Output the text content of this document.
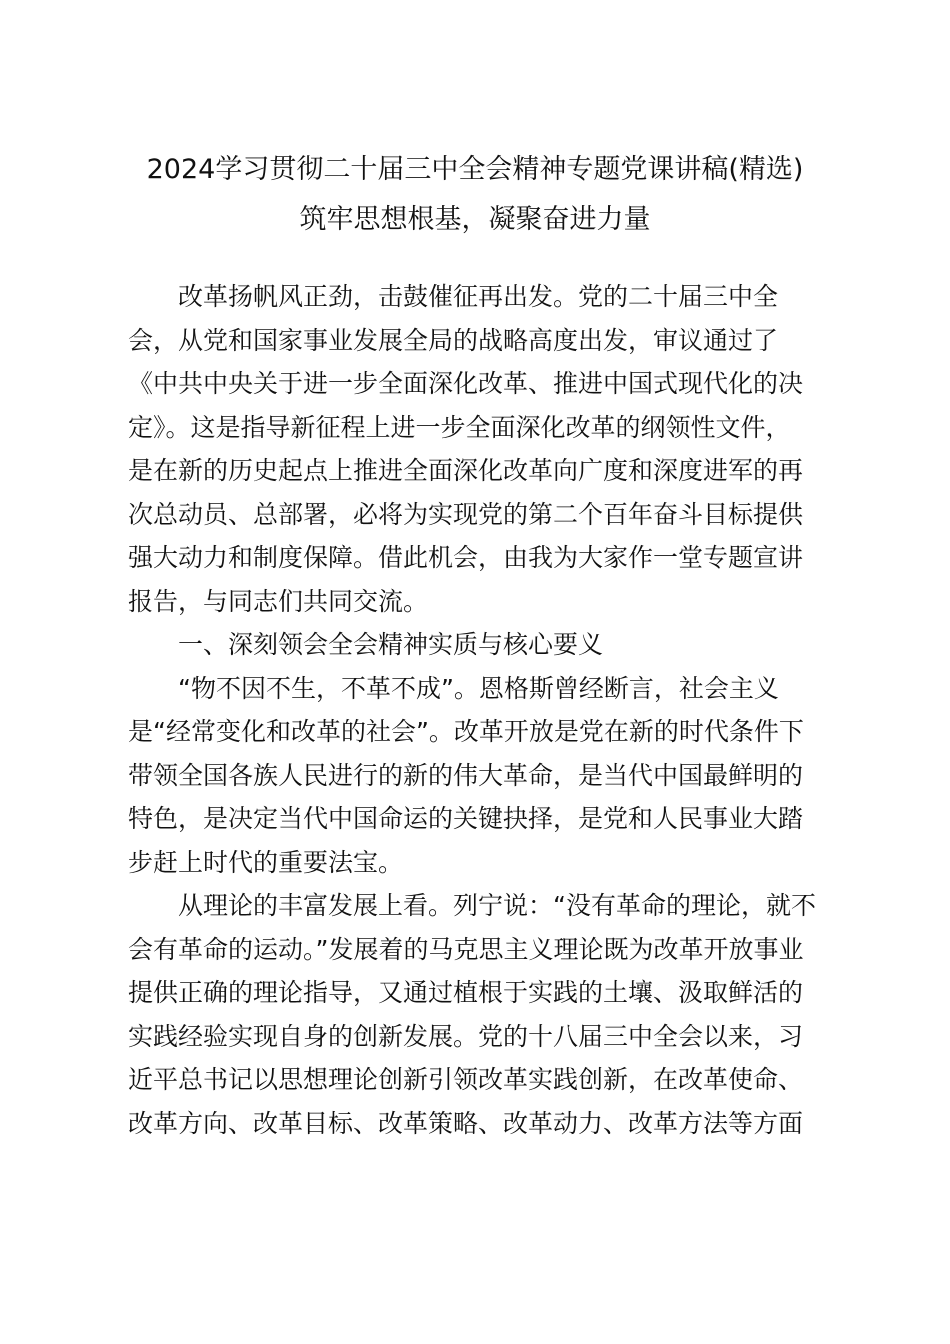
2024学习贯彻二十届三中全会精神专题党课讲稿(精选)
筑牢思想根基，凝聚奋进力量
改革扬帆风正劲，击鼓催征再出发。党的二十届三中全
会，从党和国家事业发展全局的战略高度出发，审议通过了
《中共中央关于进一步全面深化改革、推进中国式现代化的决
定》。这是指导新征程上进一步全面深化改革的纲领性文件，
是在新的历史起点上推进全面深化改革向广度和深度进军的再
次总动员、总部署，必将为实现党的第二个百年奋斗目标提供
强大动力和制度保障。借此机会，由我为大家作一堂专题宣讲
报告，与同志们共同交流。
一、深刻领会全会精神实质与核心要义
“物不因不生，不革不成”。恩格斯曾经断言，社会主义
是“经常变化和改革的社会”。改革开放是党在新的时代条件下
带领全国各族人民进行的新的伟大革命，是当代中国最鲜明的
特色，是决定当代中国命运的关键抉择，是党和人民事业大踏
步赶上时代的重要法宝。
从理论的丰富发展上看。列宁说：“没有革命的理论，就不
会有革命的运动。”发展着的马克思主义理论既为改革开放事业
提供正确的理论指导，又通过植根于实践的土壤、汲取鲜活的
实践经验实现自身的创新发展。党的十八届三中全会以来，习
近平总书记以思想理论创新引领改革实践创新，在改革使命、
改革方向、改革目标、改革策略、改革动力、改革方法等方面
